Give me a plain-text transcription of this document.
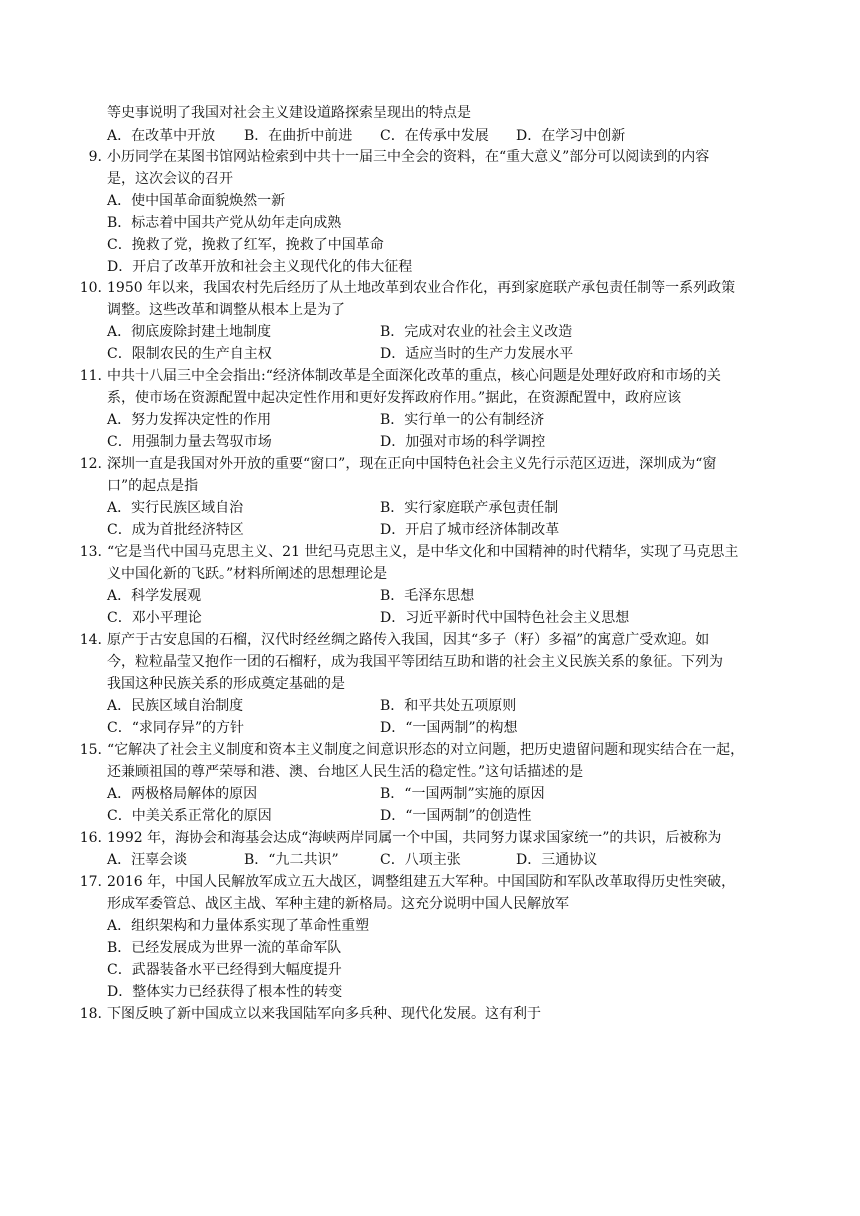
等史事说明了我国对社会主义建设道路探索呈现出的特点是
A．在改革中开放 B．在曲折中前进 C．在传承中发展 D．在学习中创新
9. 小历同学在某图书馆网站检索到中共十一届三中全会的资料，在“重大意义”部分可以阅读到的内容
是，这次会议的召开
A．使中国革命面貌焕然一新
B．标志着中国共产党从幼年走向成熟
C．挽救了党，挽救了红军，挽救了中国革命
D．开启了改革开放和社会主义现代化的伟大征程
10. 1950 年以来，我国农村先后经历了从土地改革到农业合作化，再到家庭联产承包责任制等一系列政策
调整。这些改革和调整从根本上是为了
A．彻底废除封建土地制度	B．完成对农业的社会主义改造
C．限制农民的生产自主权	D．适应当时的生产力发展水平
11. 中共十八届三中全会指出:“经济体制改革是全面深化改革的重点，核心问题是处理好政府和市场的关
系，使市场在资源配置中起决定性作用和更好发挥政府作用。”据此，在资源配置中，政府应该
A．努力发挥决定性的作用	B．实行单一的公有制经济
C．用强制力量去驾驭市场	D．加强对市场的科学调控
12. 深圳一直是我国对外开放的重要“窗口”，现在正向中国特色社会主义先行示范区迈进，深圳成为“窗
口”的起点是指
A．实行民族区域自治	B．实行家庭联产承包责任制
C．成为首批经济特区	D．开启了城市经济体制改革
13. “它是当代中国马克思主义、21 世纪马克思主义，是中华文化和中国精神的时代精华，实现了马克思主
义中国化新的飞跃。”材料所阐述的思想理论是
A．科学发展观	B．毛泽东思想
C．邓小平理论	D．习近平新时代中国特色社会主义思想
14. 原产于古安息国的石榴，汉代时经丝绸之路传入我国，因其“多子（籽）多福”的寓意广受欢迎。如
今，粒粒晶莹又抱作一团的石榴籽，成为我国平等团结互助和谐的社会主义民族关系的象征。下列为
我国这种民族关系的形成奠定基础的是
A．民族区域自治制度	B．和平共处五项原则
C．“求同存异”的方针	D．“一国两制”的构想
15. “它解决了社会主义制度和资本主义制度之间意识形态的对立问题，把历史遗留问题和现实结合在一起，
还兼顾祖国的尊严荣辱和港、澳、台地区人民生活的稳定性。”这句话描述的是
A．两极格局解体的原因	B．“一国两制”实施的原因
C．中美关系正常化的原因	D．“一国两制”的创造性
16. 1992 年，海协会和海基会达成“海峡两岸同属一个中国，共同努力谋求国家统一”的共识，后被称为
A．汪辜会谈	B．“九二共识”	C．八项主张	D．三通协议
17. 2016 年，中国人民解放军成立五大战区，调整组建五大军种。中国国防和军队改革取得历史性突破，
形成军委管总、战区主战、军种主建的新格局。这充分说明中国人民解放军
A．组织架构和力量体系实现了革命性重塑
B．已经发展成为世界一流的革命军队
C．武器装备水平已经得到大幅度提升
D．整体实力已经获得了根本性的转变
18. 下图反映了新中国成立以来我国陆军向多兵种、现代化发展。这有利于
